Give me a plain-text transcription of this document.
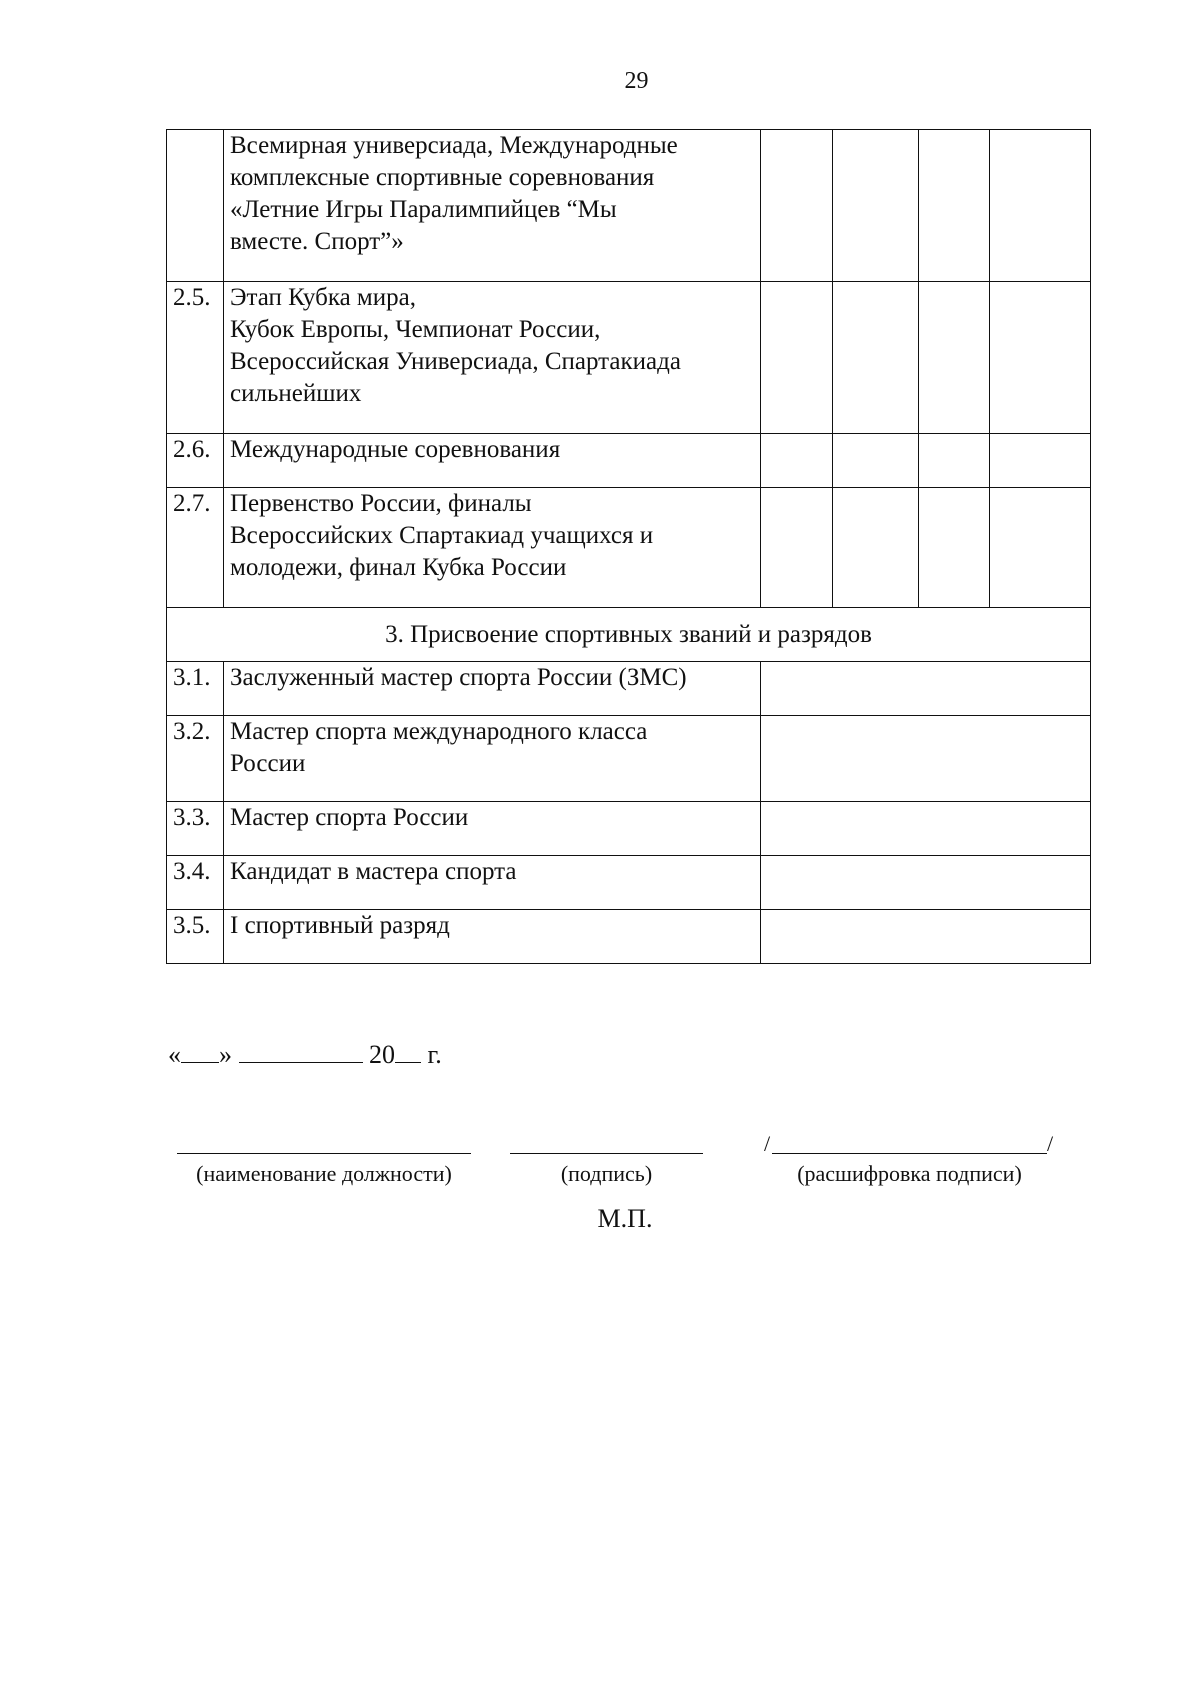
29

	Всемирная универсиада, Международные
комплексные спортивные соревнования
«Летние Игры Паралимпийцев “Мы
вместе. Спорт”»				

2.5.	Этап Кубка мира,
Кубок Европы, Чемпионат России,
Всероссийская Универсиада, Спартакиада
сильнейших				

2.6.	Международные соревнования				

2.7.	Первенство России, финалы
Всероссийских Спартакиад учащихся и
молодежи, финал Кубка России				

3. Присвоение спортивных званий и разрядов					
3.1.	Заслуженный мастер спорта России (ЗМС)				

3.2.	Мастер спорта международного класса
России				

3.3.	Мастер спорта России				

3.4.	Кандидат в мастера спорта				

3.5.	I спортивный разряд				

« »	20 г.
/	/
(наименование должности)	(подпись)	(расшифровка подписи)
М.П.
